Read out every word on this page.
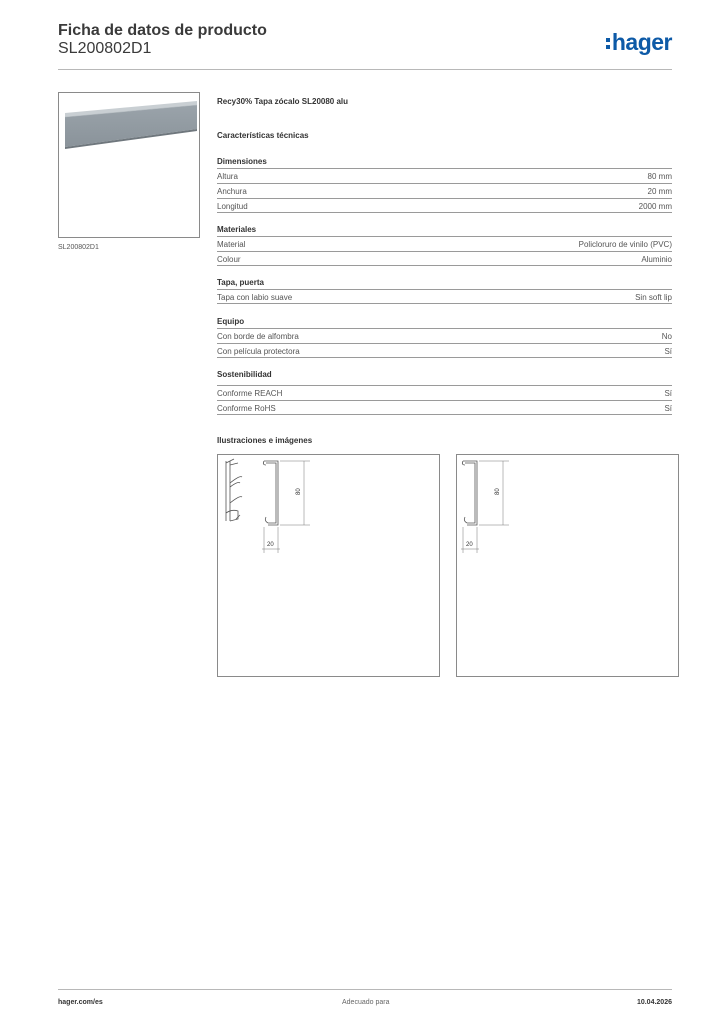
Ficha de datos de producto
SL200802D1	hager
SL200802D1
Recy30% Tapa zócalo SL20080 alu
Características técnicas
Dimensiones
Altura	80 mm
Anchura	20 mm
Longitud	2000 mm
Materiales
Material	Policloruro de vinilo (PVC)
Colour	Aluminio
Tapa, puerta
Tapa con labio suave	Sin soft lip
Equipo
Con borde de alfombra	No
Con película protectora	Sí
Sostenibilidad
Conforme REACH	Sí
Conforme RoHS	Sí
Ilustraciones e imágenes
80
20
80
20
hager.com/es	Adecuado para	10.04.2026
